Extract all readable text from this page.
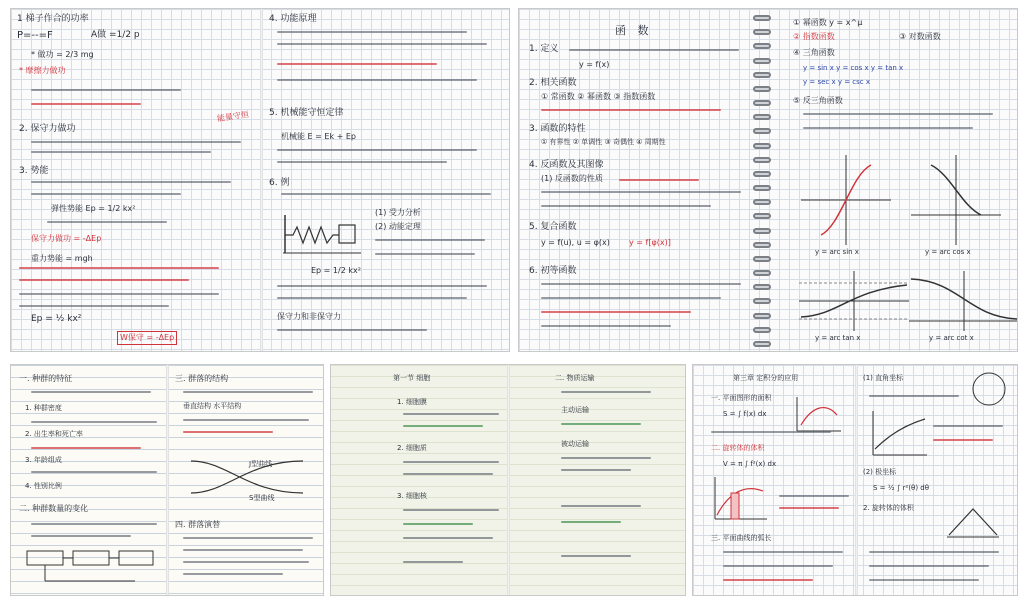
1 梯子作合的功率
P=--=F	A做 =1/2 p
* 做功 = 2/3 mg
* 摩擦力做功
2. 保守力做功
3. 势能
弹性势能 Ep = 1/2 kx²
保守力做功 = -ΔEp
重力势能 = mgh
Ep = ½ kx²
W保守 = -ΔEp
能量守恒
4. 功能原理
5. 机械能守恒定律
机械能 E = Ek + Ep
6. 例
(1) 受力分析
(2) 动能定理
Ep = 1/2 kx²
保守力和非保守力
函 数
1. 定义
y = f(x)
2. 相关函数
① 常函数 ② 幂函数 ③ 指数函数
3. 函数的特性
① 有界性 ② 单调性 ③ 奇偶性 ④ 周期性
4. 反函数及其图像
(1) 反函数的性质
5. 复合函数
y = f(u), u = φ(x) y = f[φ(x)]
6. 初等函数
① 幂函数 y = x^μ
② 指数函数	③ 对数函数
④ 三角函数
y = sin x y = cos x y = tan x
y = sec x y = csc x
⑤ 反三角函数
y = arc sin x	y = arc cos x
y = arc tan x	y = arc cot x
一. 种群的特征
1. 种群密度
2. 出生率和死亡率
3. 年龄组成
4. 性别比例
二. 种群数量的变化
三. 群落的结构
垂直结构 水平结构
J型曲线
S型曲线
四. 群落演替
第一节 细胞
1. 细胞膜
2. 细胞质
3. 细胞核
二. 物质运输
主动运输
被动运输
第三章 定积分的应用
一. 平面图形的面积
S = ∫ f(x) dx
二. 旋转体的体积
V = π ∫ f²(x) dx
三. 平面曲线的弧长
(1) 直角坐标
(2) 极坐标
S = ½ ∫ r²(θ) dθ
2. 旋转体的体积
